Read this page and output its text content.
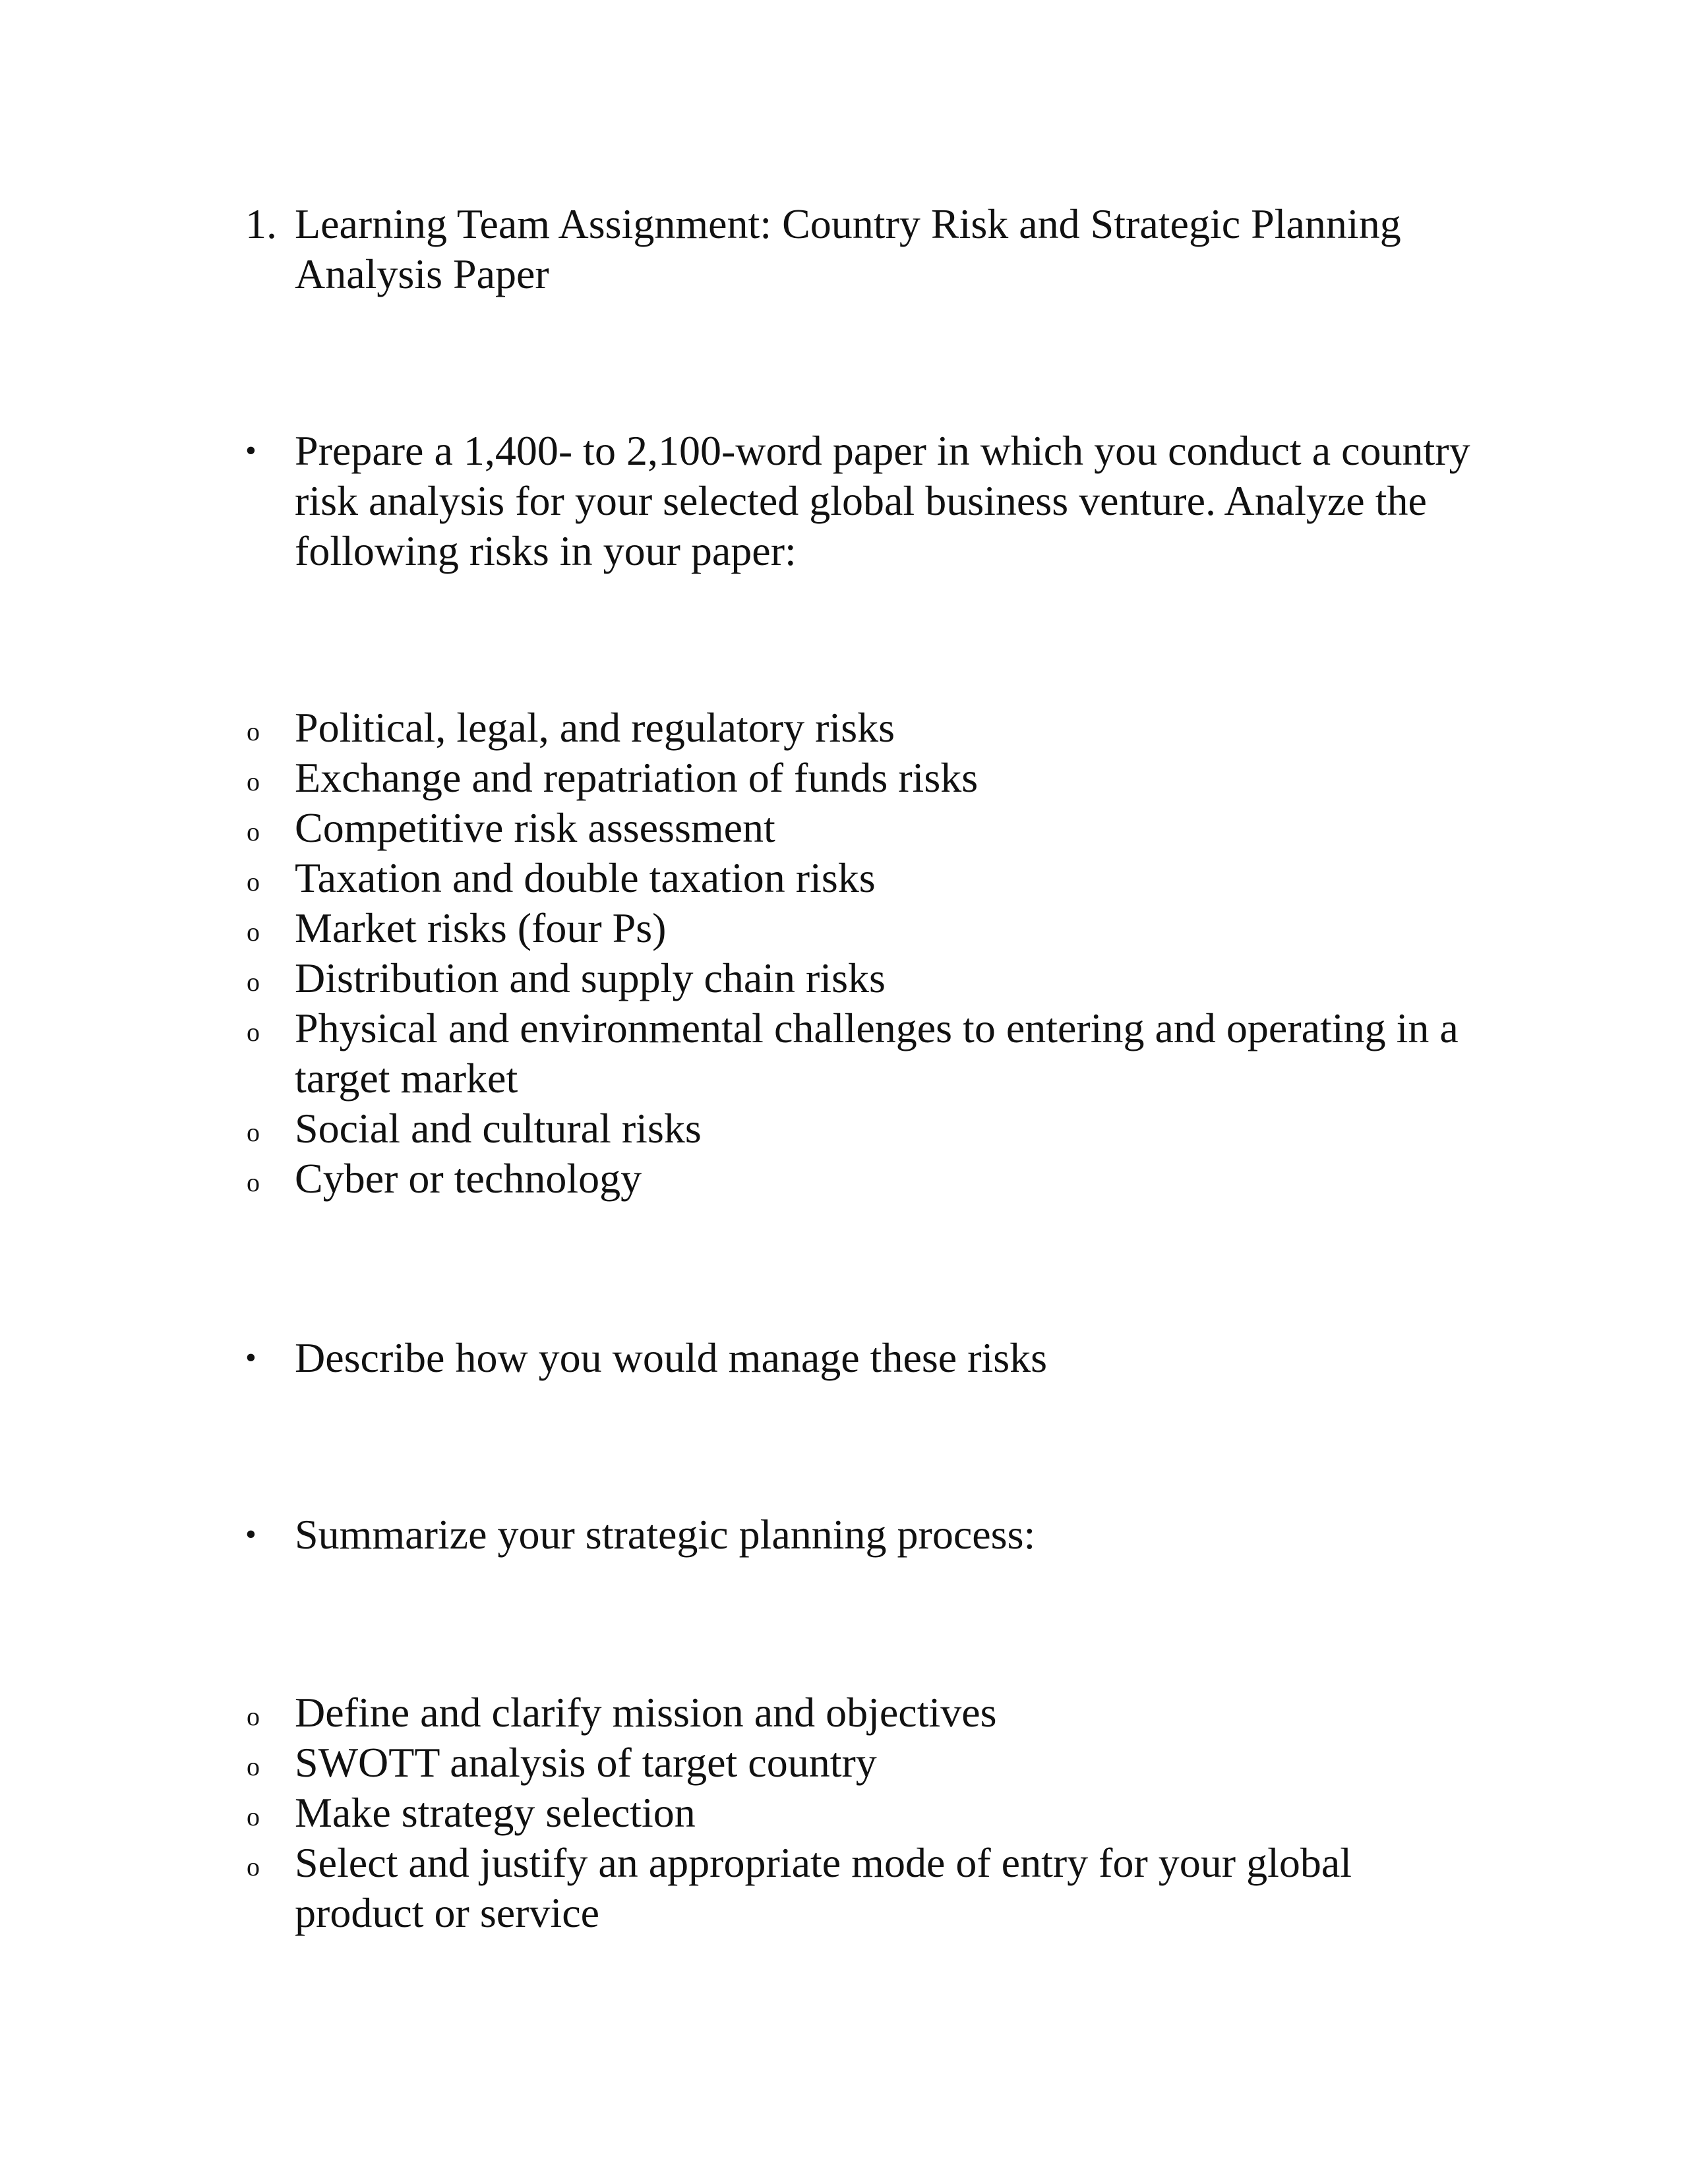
1. Learning Team Assignment: Country Risk and Strategic Planning Analysis Paper
• Prepare a 1,400- to 2,100-word paper in which you conduct a country risk analysis for your selected global business venture. Analyze the following risks in your paper:
o Political, legal, and regulatory risks
o Exchange and repatriation of funds risks
o Competitive risk assessment
o Taxation and double taxation risks
o Market risks (four Ps)
o Distribution and supply chain risks
o Physical and environmental challenges to entering and operating in a target market
o Social and cultural risks
o Cyber or technology
• Describe how you would manage these risks
• Summarize your strategic planning process:
o Define and clarify mission and objectives
o SWOTT analysis of target country
o Make strategy selection
o Select and justify an appropriate mode of entry for your global product or service
